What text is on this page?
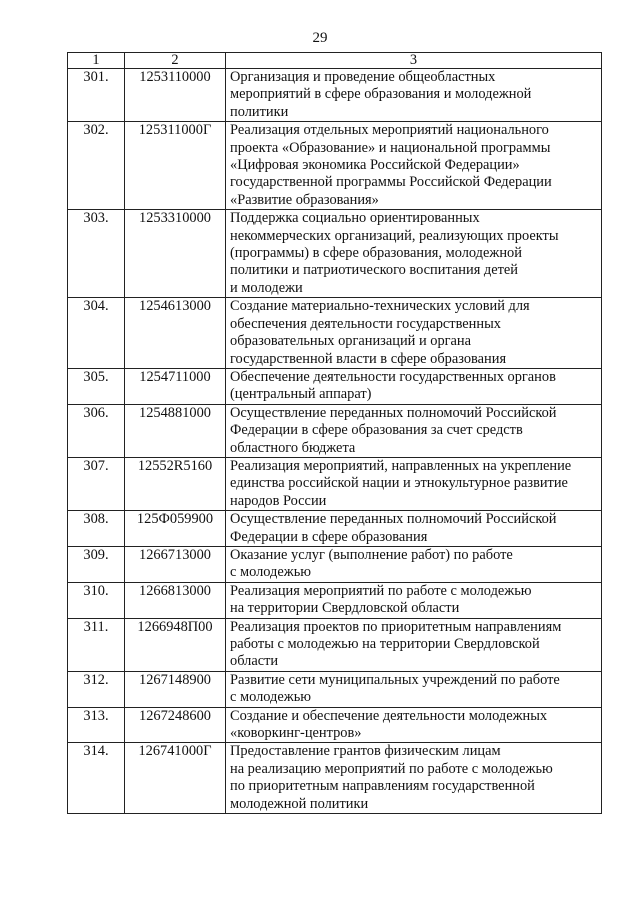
29
1	2	3
301.	1253110000	Организация и проведение общеобластных
мероприятий в сфере образования и молодежной
политики
302.	125311000Г	Реализация отдельных мероприятий национального
проекта «Образование» и национальной программы
«Цифровая экономика Российской Федерации»
государственной программы Российской Федерации
«Развитие образования»
303.	1253310000	Поддержка социально ориентированных
некоммерческих организаций, реализующих проекты
(программы) в сфере образования, молодежной
политики и патриотического воспитания детей
и молодежи
304.	1254613000	Создание материально-технических условий для
обеспечения деятельности государственных
образовательных организаций и органа
государственной власти в сфере образования
305.	1254711000	Обеспечение деятельности государственных органов
(центральный аппарат)
306.	1254881000	Осуществление переданных полномочий Российской
Федерации в сфере образования за счет средств
областного бюджета
307.	12552R5160	Реализация мероприятий, направленных на укрепление
единства российской нации и этнокультурное развитие
народов России
308.	125Ф059900	Осуществление переданных полномочий Российской
Федерации в сфере образования
309.	1266713000	Оказание услуг (выполнение работ) по работе
с молодежью
310.	1266813000	Реализация мероприятий по работе с молодежью
на территории Свердловской области
311.	1266948П00	Реализация проектов по приоритетным направлениям
работы с молодежью на территории Свердловской
области
312.	1267148900	Развитие сети муниципальных учреждений по работе
с молодежью
313.	1267248600	Создание и обеспечение деятельности молодежных
«коворкинг-центров»
314.	126741000Г	Предоставление грантов физическим лицам
на реализацию мероприятий по работе с молодежью
по приоритетным направлениям государственной
молодежной политики
